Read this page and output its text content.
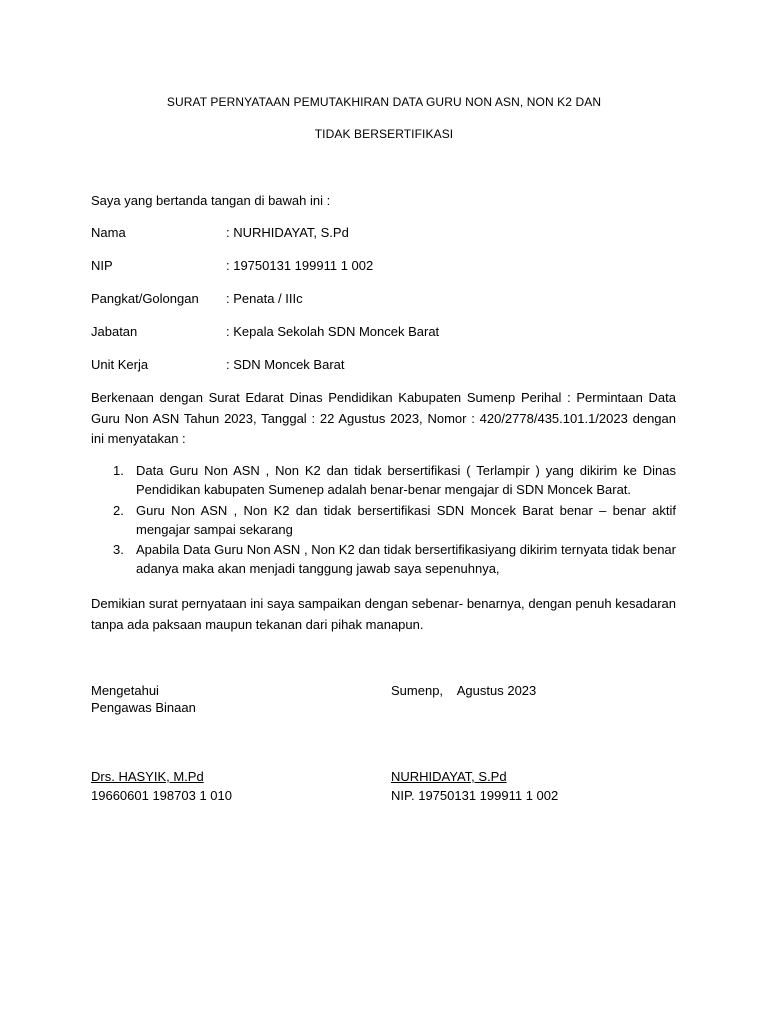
SURAT PERNYATAAN PEMUTAKHIRAN DATA GURU NON ASN, NON K2 DAN
TIDAK BERSERTIFIKASI
Saya yang bertanda tangan di bawah ini :
Nama	: NURHIDAYAT, S.Pd
NIP	: 19750131 199911 1 002
Pangkat/Golongan : Penata / IIIc
Jabatan	: Kepala Sekolah SDN Moncek Barat
Unit Kerja	: SDN Moncek Barat
Berkenaan dengan Surat Edarat Dinas Pendidikan Kabupaten Sumenp Perihal : Permintaan Data Guru Non ASN Tahun 2023, Tanggal : 22 Agustus 2023, Nomor : 420/2778/435.101.1/2023 dengan ini menyatakan :
1. Data Guru Non ASN , Non K2 dan tidak bersertifikasi ( Terlampir ) yang dikirim ke Dinas Pendidikan kabupaten Sumenep adalah benar-benar mengajar di SDN Moncek Barat.
2. Guru Non ASN , Non K2 dan tidak bersertifikasi SDN Moncek Barat benar – benar aktif mengajar sampai sekarang
3. Apabila Data Guru Non ASN , Non K2 dan tidak bersertifikasiyang dikirim ternyata tidak benar adanya maka akan menjadi tanggung jawab saya sepenuhnya,
Demikian surat pernyataan ini saya sampaikan dengan sebenar- benarnya, dengan penuh kesadaran tanpa ada paksaan maupun tekanan dari pihak manapun.
Mengetahui
Pengawas Binaan
Drs. HASYIK, M.Pd
19660601 198703 1 010
Sumenp,    Agustus 2023
NURHIDAYAT, S.Pd
NIP. 19750131 199911 1 002
